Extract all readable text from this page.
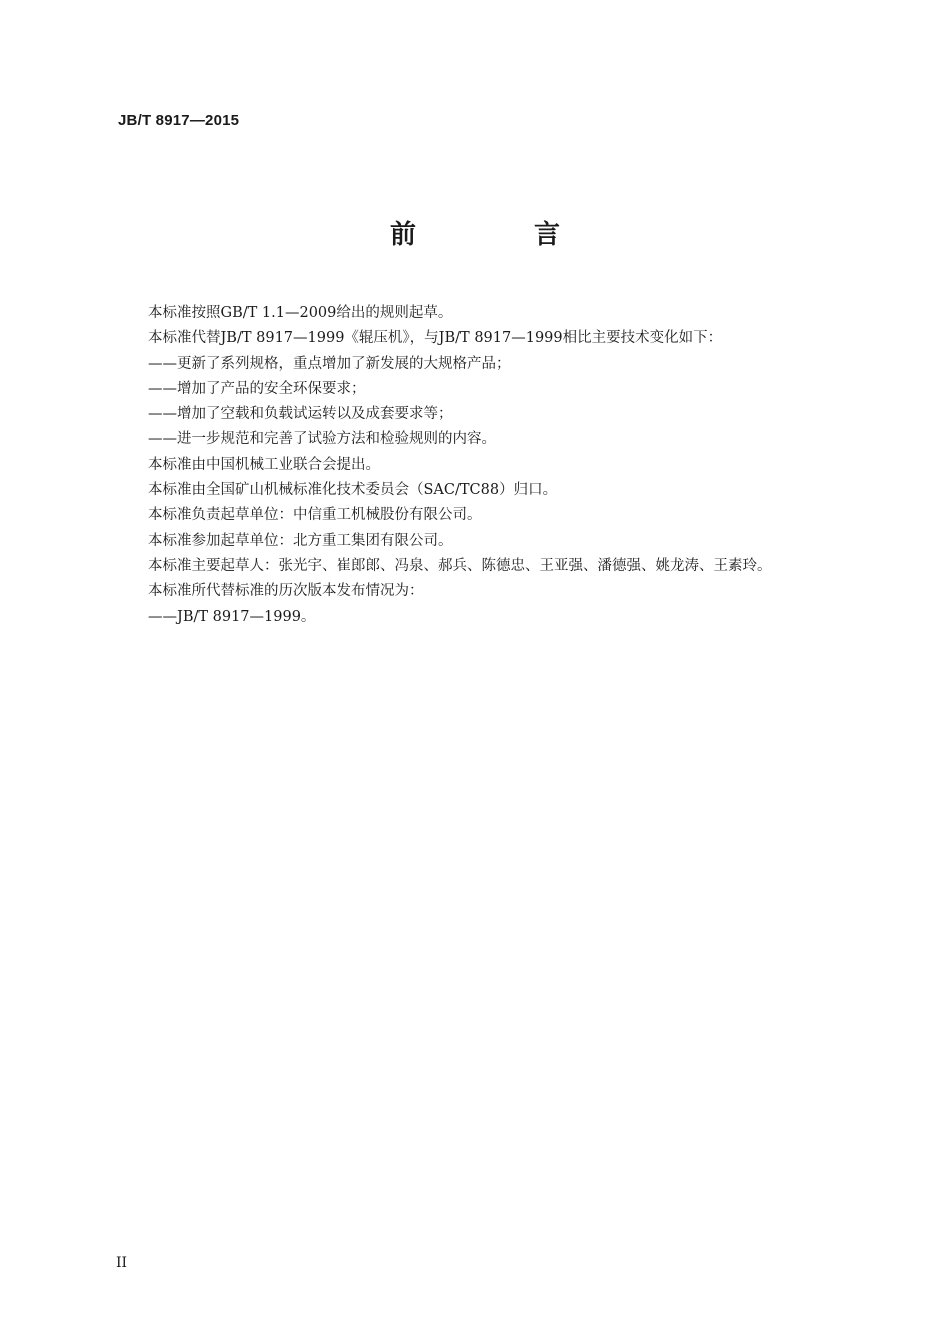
JB/T 8917—2015
前　言
本标准按照GB/T 1.1—2009给出的规则起草。
本标准代替JB/T 8917—1999《辊压机》，与JB/T 8917—1999相比主要技术变化如下：
——更新了系列规格，重点增加了新发展的大规格产品；
——增加了产品的安全环保要求；
——增加了空载和负载试运转以及成套要求等；
——进一步规范和完善了试验方法和检验规则的内容。
本标准由中国机械工业联合会提出。
本标准由全国矿山机械标准化技术委员会（SAC/TC88）归口。
本标准负责起草单位：中信重工机械股份有限公司。
本标准参加起草单位：北方重工集团有限公司。
本标准主要起草人：张光宇、崔郎郎、冯泉、郝兵、陈德忠、王亚强、潘德强、姚龙涛、王素玲。
本标准所代替标准的历次版本发布情况为：
——JB/T 8917—1999。
II
